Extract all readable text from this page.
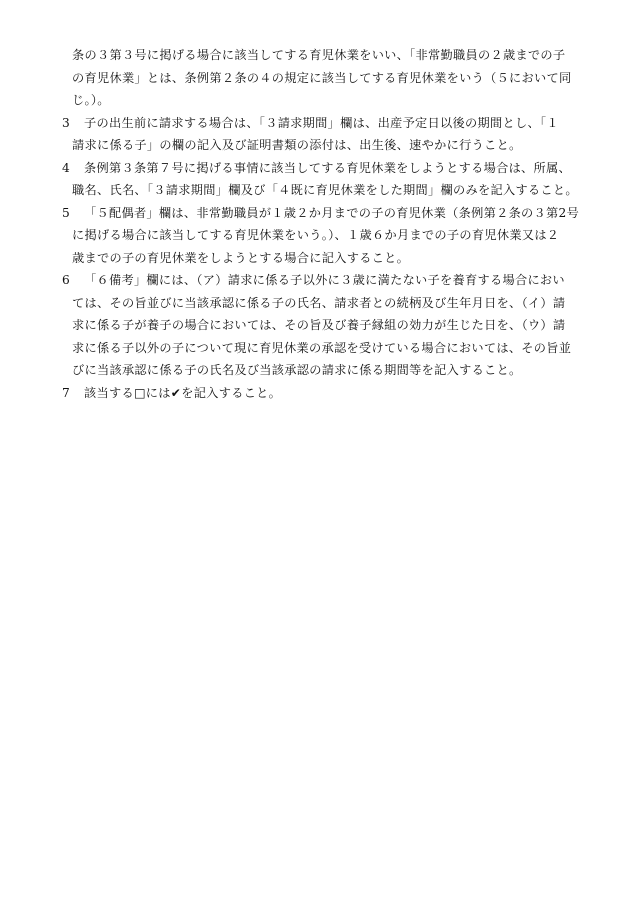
条の３第３号に掲げる場合に該当してする育児休業をいい、「非常勤職員の２歳までの子
の育児休業」とは、条例第２条の４の規定に該当してする育児休業をいう（５において同
じ。）。
3	子の出生前に請求する場合は、「３請求期間」欄は、出産予定日以後の期間とし、「１
請求に係る子」の欄の記入及び証明書類の添付は、出生後、速やかに行うこと。
4	条例第３条第７号に掲げる事情に該当してする育児休業をしようとする場合は、所属、
職名、氏名、「３請求期間」欄及び「４既に育児休業をした期間」欄のみを記入すること。
5	「５配偶者」欄は、非常勤職員が１歳２か月までの子の育児休業（条例第２条の３第2号
に掲げる場合に該当してする育児休業をいう。）、１歳６か月までの子の育児休業又は２
歳までの子の育児休業をしようとする場合に記入すること。
6	「６備考」欄には、（ア）請求に係る子以外に３歳に満たない子を養育する場合におい
ては、その旨並びに当該承認に係る子の氏名、請求者との続柄及び生年月日を、（イ）請
求に係る子が養子の場合においては、その旨及び養子縁組の効力が生じた日を、（ウ）請
求に係る子以外の子について現に育児休業の承認を受けている場合においては、その旨並
びに当該承認に係る子の氏名及び当該承認の請求に係る期間等を記入すること。
7	該当する□には✔を記入すること。
